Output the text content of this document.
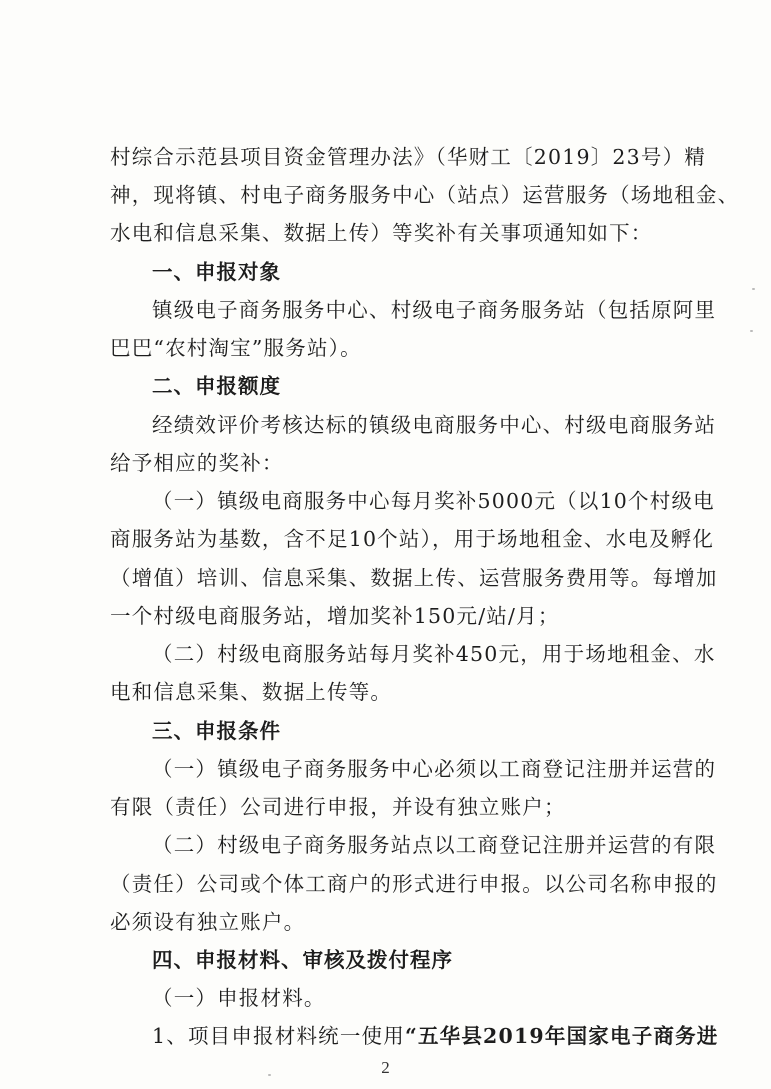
村综合示范县项目资金管理办法》（华财工〔2019〕23号）精
神，现将镇、村电子商务服务中心（站点）运营服务（场地租金、
水电和信息采集、数据上传）等奖补有关事项通知如下：
一、申报对象
镇级电子商务服务中心、村级电子商务服务站（包括原阿里
巴巴“农村淘宝”服务站）。
二、申报额度
经绩效评价考核达标的镇级电商服务中心、村级电商服务站
给予相应的奖补：
（一）镇级电商服务中心每月奖补5000元（以10个村级电
商服务站为基数，含不足10个站），用于场地租金、水电及孵化
（增值）培训、信息采集、数据上传、运营服务费用等。每增加
一个村级电商服务站，增加奖补150元/站/月；
（二）村级电商服务站每月奖补450元，用于场地租金、水
电和信息采集、数据上传等。
三、申报条件
（一）镇级电子商务服务中心必须以工商登记注册并运营的
有限（责任）公司进行申报，并设有独立账户；
（二）村级电子商务服务站点以工商登记注册并运营的有限
（责任）公司或个体工商户的形式进行申报。以公司名称申报的
必须设有独立账户。
四、申报材料、审核及拨付程序
（一）申报材料。
1、项目申报材料统一使用“五华县2019年国家电子商务进
2
